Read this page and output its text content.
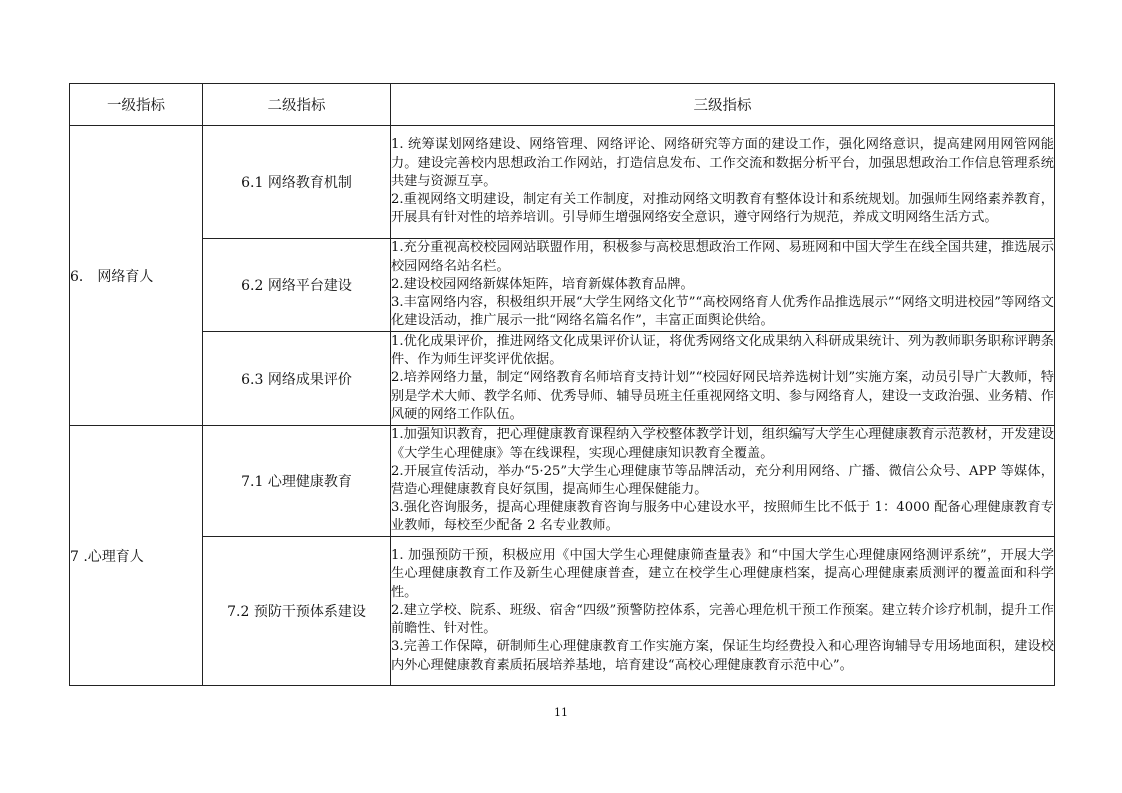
一级指标	二级指标	三级指标
6． 网络育人	6.1 网络教育机制	1. 统筹谋划网络建设、网络管理、网络评论、网络研究等方面的建设工作，强化网络意识，提高建网用网管网能力。建设完善校内思想政治工作网站，打造信息发布、工作交流和数据分析平台，加强思想政治工作信息管理系统共建与资源互享。

2.重视网络文明建设，制定有关工作制度，对推动网络文明教育有整体设计和系统规划。加强师生网络素养教育，开展具有针对性的培养培训。引导师生增强网络安全意识，遵守网络行为规范，养成文明网络生活方式。

	6.2 网络平台建设	1.充分重视高校校园网站联盟作用，积极参与高校思想政治工作网、易班网和中国大学生在线全国共建，推选展示校园网络名站名栏。

2.建设校园网络新媒体矩阵，培育新媒体教育品牌。

3.丰富网络内容，积极组织开展“大学生网络文化节”“高校网络育人优秀作品推选展示”“网络文明进校园”等网络文化建设活动，推广展示一批“网络名篇名作”，丰富正面舆论供给。

	6.3 网络成果评价	1.优化成果评价，推进网络文化成果评价认证，将优秀网络文化成果纳入科研成果统计、列为教师职务职称评聘条件、作为师生评奖评优依据。

2.培养网络力量，制定“网络教育名师培育支持计划”“校园好网民培养选树计划”实施方案，动员引导广大教师，特别是学术大师、教学名师、优秀导师、辅导员班主任重视网络文明、参与网络育人，建设一支政治强、业务精、作风硬的网络工作队伍。

7 .心理育人	7.1 心理健康教育	1.加强知识教育，把心理健康教育课程纳入学校整体教学计划，组织编写大学生心理健康教育示范教材，开发建设《大学生心理健康》等在线课程，实现心理健康知识教育全覆盖。

2.开展宣传活动，举办“5·25”大学生心理健康节等品牌活动，充分利用网络、广播、微信公众号、APP 等媒体，营造心理健康教育良好氛围，提高师生心理保健能力。

3.强化咨询服务，提高心理健康教育咨询与服务中心建设水平，按照师生比不低于 1：4000 配备心理健康教育专业教师，每校至少配备 2 名专业教师。

	7.2 预防干预体系建设	1. 加强预防干预，积极应用《中国大学生心理健康筛查量表》和“中国大学生心理健康网络测评系统”，开展大学生心理健康教育工作及新生心理健康普查，建立在校学生心理健康档案，提高心理健康素质测评的覆盖面和科学性。

2.建立学校、院系、班级、宿舍“四级”预警防控体系，完善心理危机干预工作预案。建立转介诊疗机制，提升工作前瞻性、针对性。

3.完善工作保障，研制师生心理健康教育工作实施方案，保证生均经费投入和心理咨询辅导专用场地面积，建设校内外心理健康教育素质拓展培养基地，培育建设“高校心理健康教育示范中心”。

11
